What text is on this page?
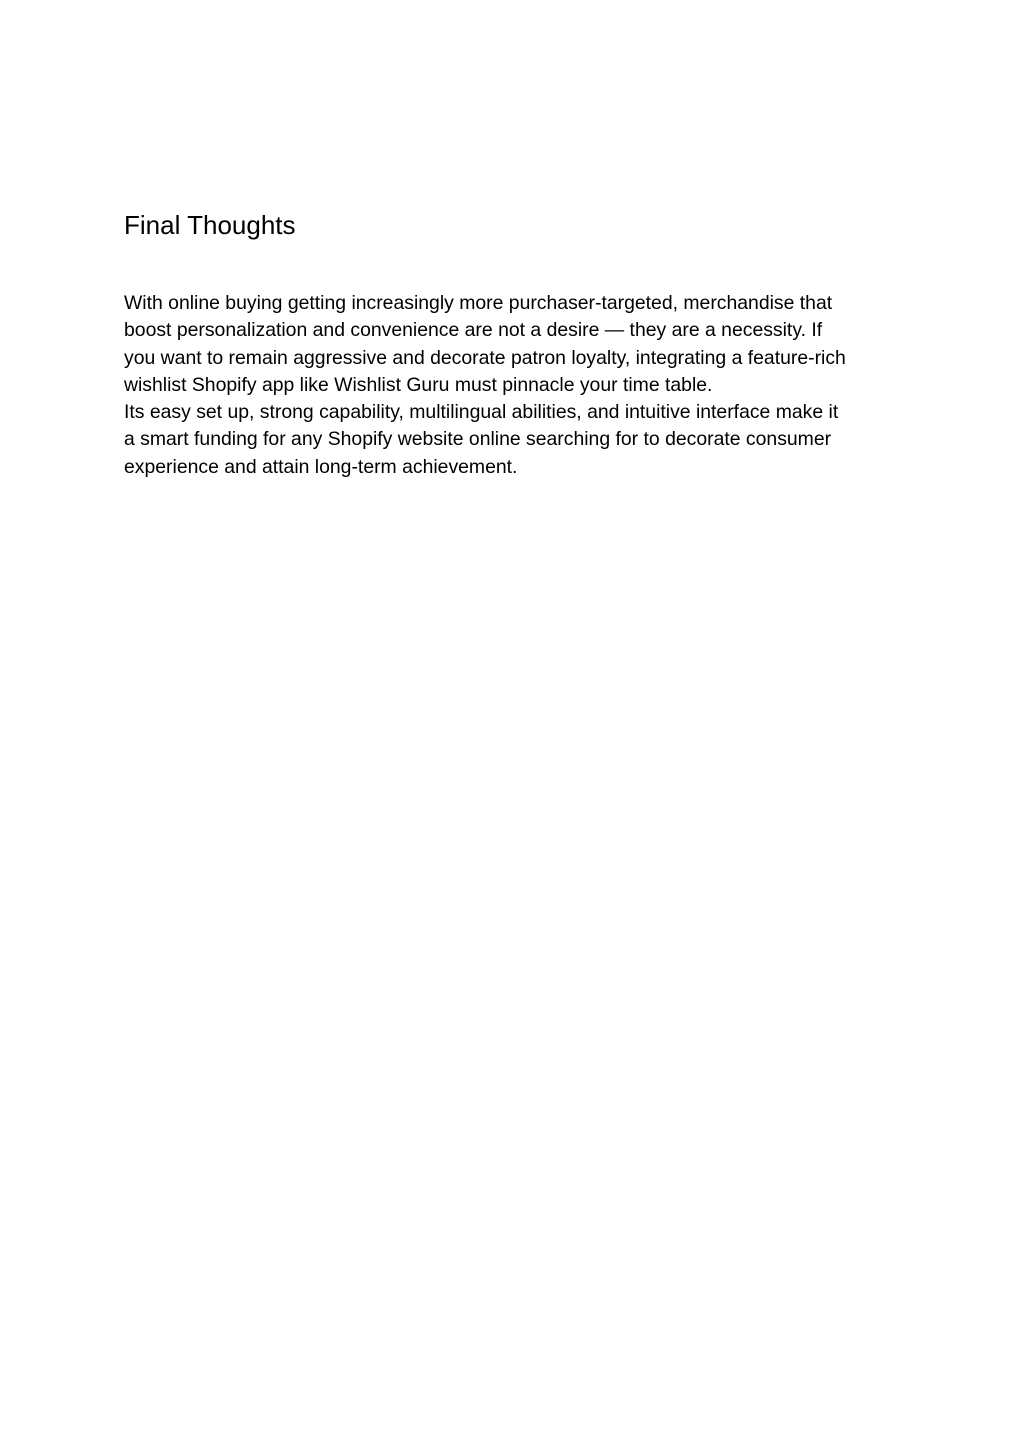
Final Thoughts

With online buying getting increasingly more purchaser-targeted, merchandise that
boost personalization and convenience are not a desire — they are a necessity. If
you want to remain aggressive and decorate patron loyalty, integrating a feature-rich
wishlist Shopify app like Wishlist Guru must pinnacle your time table.
Its easy set up, strong capability, multilingual abilities, and intuitive interface make it
a smart funding for any Shopify website online searching for to decorate consumer
experience and attain long-term achievement.
